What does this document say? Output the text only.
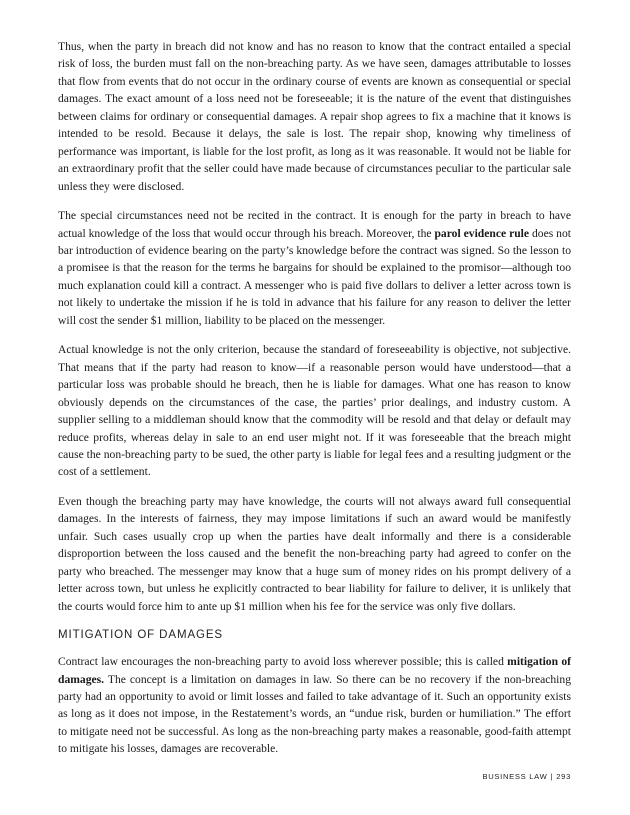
Thus, when the party in breach did not know and has no reason to know that the contract entailed a special risk of loss, the burden must fall on the non-breaching party. As we have seen, damages attributable to losses that flow from events that do not occur in the ordinary course of events are known as consequential or special damages. The exact amount of a loss need not be foreseeable; it is the nature of the event that distinguishes between claims for ordinary or consequential damages. A repair shop agrees to fix a machine that it knows is intended to be resold. Because it delays, the sale is lost. The repair shop, knowing why timeliness of performance was important, is liable for the lost profit, as long as it was reasonable. It would not be liable for an extraordinary profit that the seller could have made because of circumstances peculiar to the particular sale unless they were disclosed.

The special circumstances need not be recited in the contract. It is enough for the party in breach to have actual knowledge of the loss that would occur through his breach. Moreover, the parol evidence rule does not bar introduction of evidence bearing on the party’s knowledge before the contract was signed. So the lesson to a promisee is that the reason for the terms he bargains for should be explained to the promisor—although too much explanation could kill a contract. A messenger who is paid five dollars to deliver a letter across town is not likely to undertake the mission if he is told in advance that his failure for any reason to deliver the letter will cost the sender $1 million, liability to be placed on the messenger.

Actual knowledge is not the only criterion, because the standard of foreseeability is objective, not subjective. That means that if the party had reason to know—if a reasonable person would have understood—that a particular loss was probable should he breach, then he is liable for damages. What one has reason to know obviously depends on the circumstances of the case, the parties’ prior dealings, and industry custom. A supplier selling to a middleman should know that the commodity will be resold and that delay or default may reduce profits, whereas delay in sale to an end user might not. If it was foreseeable that the breach might cause the non-breaching party to be sued, the other party is liable for legal fees and a resulting judgment or the cost of a settlement.

Even though the breaching party may have knowledge, the courts will not always award full consequential damages. In the interests of fairness, they may impose limitations if such an award would be manifestly unfair. Such cases usually crop up when the parties have dealt informally and there is a considerable disproportion between the loss caused and the benefit the non-breaching party had agreed to confer on the party who breached. The messenger may know that a huge sum of money rides on his prompt delivery of a letter across town, but unless he explicitly contracted to bear liability for failure to deliver, it is unlikely that the courts would force him to ante up $1 million when his fee for the service was only five dollars.

MITIGATION OF DAMAGES

Contract law encourages the non-breaching party to avoid loss wherever possible; this is called mitigation of damages. The concept is a limitation on damages in law. So there can be no recovery if the non-breaching party had an opportunity to avoid or limit losses and failed to take advantage of it. Such an opportunity exists as long as it does not impose, in the Restatement’s words, an “undue risk, burden or humiliation.” The effort to mitigate need not be successful. As long as the non-breaching party makes a reasonable, good-faith attempt to mitigate his losses, damages are recoverable.

BUSINESS LAW | 293
